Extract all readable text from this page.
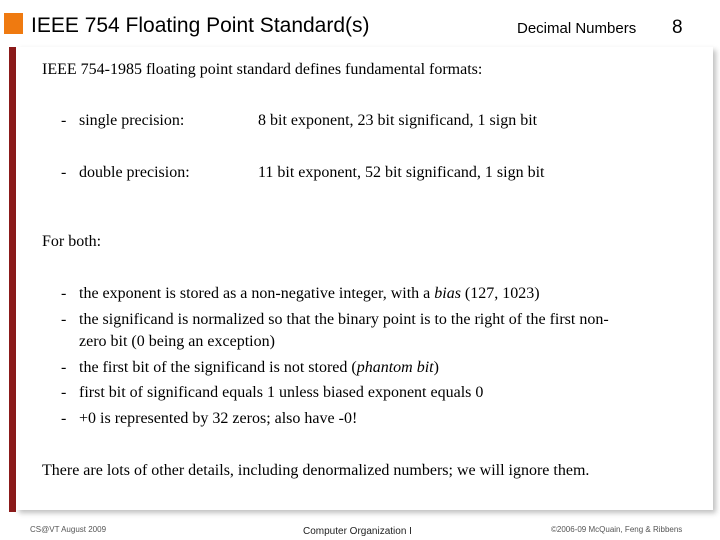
IEEE 754 Floating Point Standard(s)	Decimal Numbers 8
IEEE 754-1985 floating point standard defines fundamental formats:
- single precision:	8 bit exponent, 23 bit significand, 1 sign bit
- double precision:	11 bit exponent, 52 bit significand, 1 sign bit
For both:
- the exponent is stored as a non-negative integer, with a bias (127, 1023)
- the significand is normalized so that the binary point is to the right of the first non-
zero bit (0 being an exception)
- the first bit of the significand is not stored (phantom bit)
- first bit of significand equals 1 unless biased exponent equals 0
- +0 is represented by 32 zeros; also have -0!
There are lots of other details, including denormalized numbers; we will ignore them.
CS@VT August 2009	Computer Organization I	©2006-09 McQuain, Feng & Ribbens
